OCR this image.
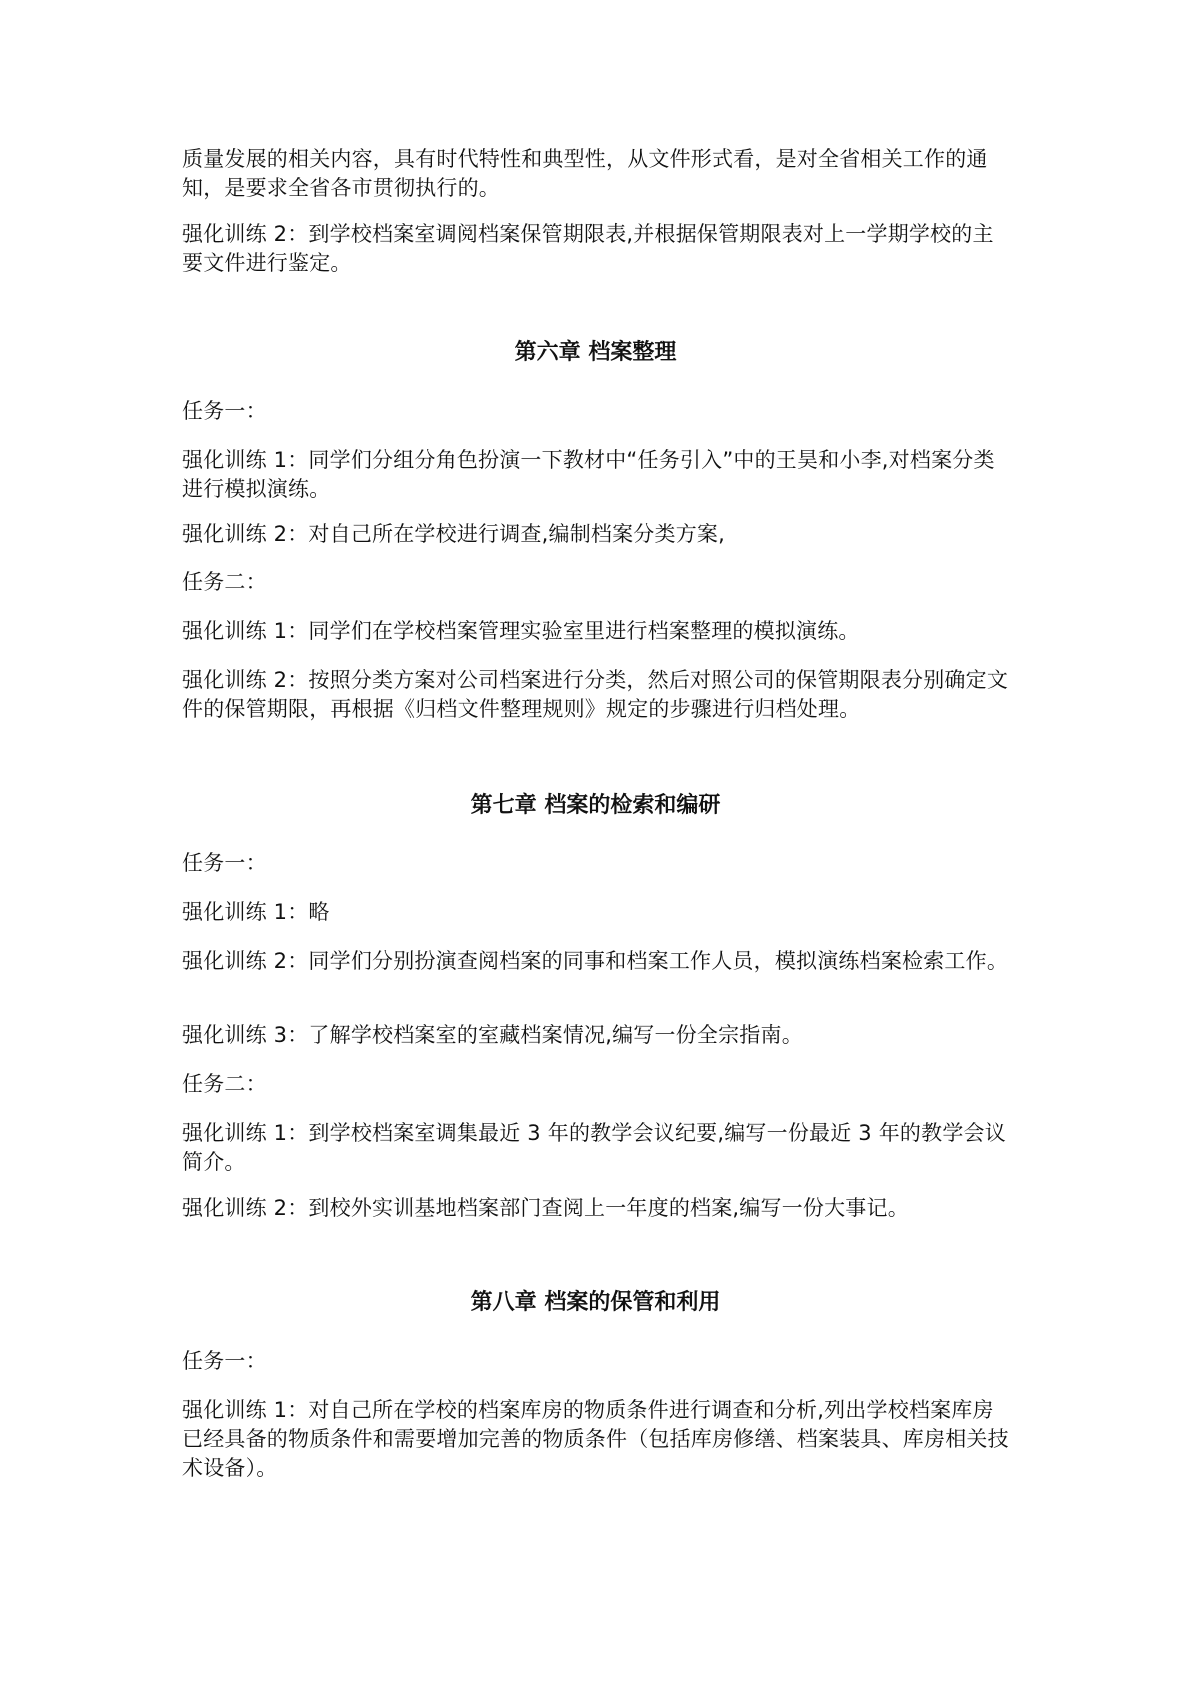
质量发展的相关内容，具有时代特性和典型性，从文件形式看，是对全省相关工作的通知，是要求全省各市贯彻执行的。
强化训练 2：到学校档案室调阅档案保管期限表,并根据保管期限表对上一学期学校的主要文件进行鉴定。
第六章 档案整理
任务一：
强化训练 1：同学们分组分角色扮演一下教材中“任务引入”中的王昊和小李,对档案分类进行模拟演练。
强化训练 2：对自己所在学校进行调查,编制档案分类方案,
任务二：
强化训练 1：同学们在学校档案管理实验室里进行档案整理的模拟演练。
强化训练 2：按照分类方案对公司档案进行分类，然后对照公司的保管期限表分别确定文件的保管期限，再根据《归档文件整理规则》规定的步骤进行归档处理。
第七章 档案的检索和编研
任务一：
强化训练 1：略
强化训练 2：同学们分别扮演查阅档案的同事和档案工作人员，模拟演练档案检索工作。
强化训练 3：了解学校档案室的室藏档案情况,编写一份全宗指南。
任务二：
强化训练 1：到学校档案室调集最近 3 年的教学会议纪要,编写一份最近 3 年的教学会议简介。
强化训练 2：到校外实训基地档案部门查阅上一年度的档案,编写一份大事记。
第八章 档案的保管和利用
任务一：
强化训练 1：对自己所在学校的档案库房的物质条件进行调查和分析,列出学校档案库房已经具备的物质条件和需要增加完善的物质条件（包括库房修缮、档案装具、库房相关技术设备）。
